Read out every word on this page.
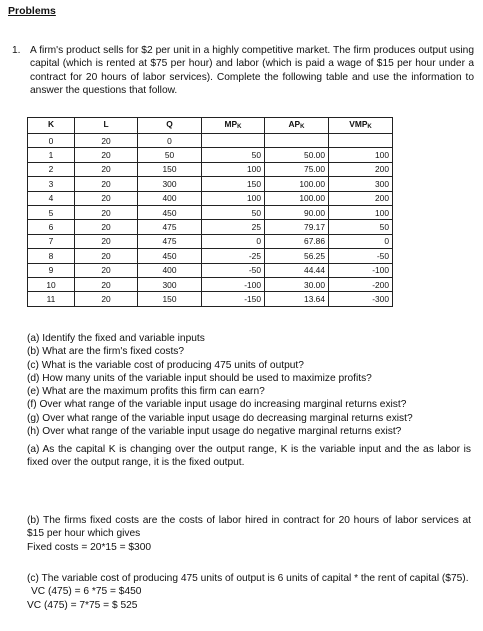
Problems
1. A firm's product sells for $2 per unit in a highly competitive market. The firm produces output using capital (which is rented at $75 per hour) and labor (which is paid a wage of $15 per hour under a contract for 20 hours of labor services). Complete the following table and use the information to answer the questions that follow.
K	L	Q	$MP_K$	$AP_K$	$VMP_K$
0	20	0			
1	20	50	50	50.00	100
2	20	150	100	75.00	200
3	20	300	150	100.00	300
4	20	400	100	100.00	200
5	20	450	50	90.00	100
6	20	475	25	79.17	50
7	20	475	0	67.86	0
8	20	450	-25	56.25	-50
9	20	400	-50	44.44	-100
10	20	300	-100	30.00	-200
11	20	150	-150	13.64	-300
(a) Identify the fixed and variable inputs
(b) What are the firm's fixed costs?
(c) What is the variable cost of producing 475 units of output?
(d) How many units of the variable input should be used to maximize profits?
(e) What are the maximum profits this firm can earn?
(f) Over what range of the variable input usage do increasing marginal returns exist?
(g) Over what range of the variable input usage do decreasing marginal returns exist?
(h) Over what range of the variable input usage do negative marginal returns exist?
(a) As the capital K is changing over the output range, K is the variable input and the as labor is fixed over the output range, it is the fixed output.
(b) The firms fixed costs are the costs of labor hired in contract for 20 hours of labor services at $15 per hour which gives
Fixed costs = 20*15 = $300
(c) The variable cost of producing 475 units of output is 6 units of capital * the rent of capital ($75).
VC (475) = 6 *75 = $450
VC (475) = 7*75 = $ 525
